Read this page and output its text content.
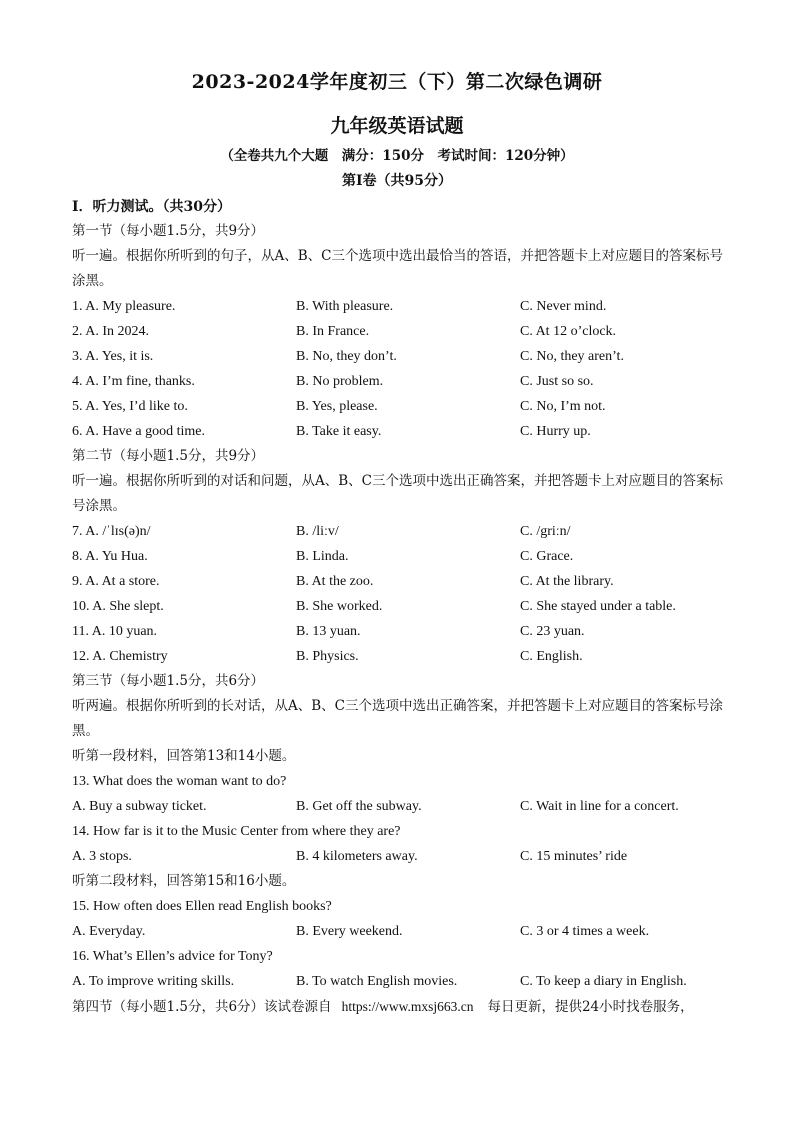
2023-2024学年度初三（下）第二次绿色调研
九年级英语试题
（全卷共九个大题　满分：150分　考试时间：120分钟）
第Ⅰ卷（共95分）
Ⅰ．听力测试。（共30分）
第一节（每小题1.5分，共9分）
听一遍。根据你所听到的句子，从A、B、C三个选项中选出最恰当的答语，并把答题卡上对应题目的答案标号涂黑。
1. A. My pleasure.	B. With pleasure.	C. Never mind.
2. A. In 2024.	B. In France.	C. At 12 o’clock.
3. A. Yes, it is.	B. No, they don’t.	C. No, they aren’t.
4. A. I’m fine, thanks.	B. No problem.	C. Just so so.
5. A. Yes, I’d like to.	B. Yes, please.	C. No, I’m not.
6. A. Have a good time.	B. Take it easy.	C. Hurry up.
第二节（每小题1.5分，共9分）
听一遍。根据你所听到的对话和问题，从A、B、C三个选项中选出正确答案，并把答题卡上对应题目的答案标号涂黑。
7. A. /ˈlɪs(ə)n/	B. /liːv/	C. /griːn/
8. A. Yu Hua.	B. Linda.	C. Grace.
9. A. At a store.	B. At the zoo.	C. At the library.
10. A. She slept.	B. She worked.	C. She stayed under a table.
11. A. 10 yuan.	B. 13 yuan.	C. 23 yuan.
12. A. Chemistry	B. Physics.	C. English.
第三节（每小题1.5分，共6分）
听两遍。根据你所听到的长对话，从A、B、C三个选项中选出正确答案，并把答题卡上对应题目的答案标号涂黑。
听第一段材料，回答第13和14小题。
13. What does the woman want to do?
A. Buy a subway ticket.	B. Get off the subway.	C. Wait in line for a concert.
14. How far is it to the Music Center from where they are?
A. 3 stops.	B. 4 kilometers away.	C. 15 minutes’ ride
听第二段材料，回答第15和16小题。
15. How often does Ellen read English books?
A. Everyday.	B. Every weekend.	C. 3 or 4 times a week.
16. What’s Ellen’s advice for Tony?
A. To improve writing skills.	B. To watch English movies.	C. To keep a diary in English.
第四节（每小题1.5分，共6分）该试卷源自 https://www.mxsj663.cn 每日更新，提供24小时找卷服务，
